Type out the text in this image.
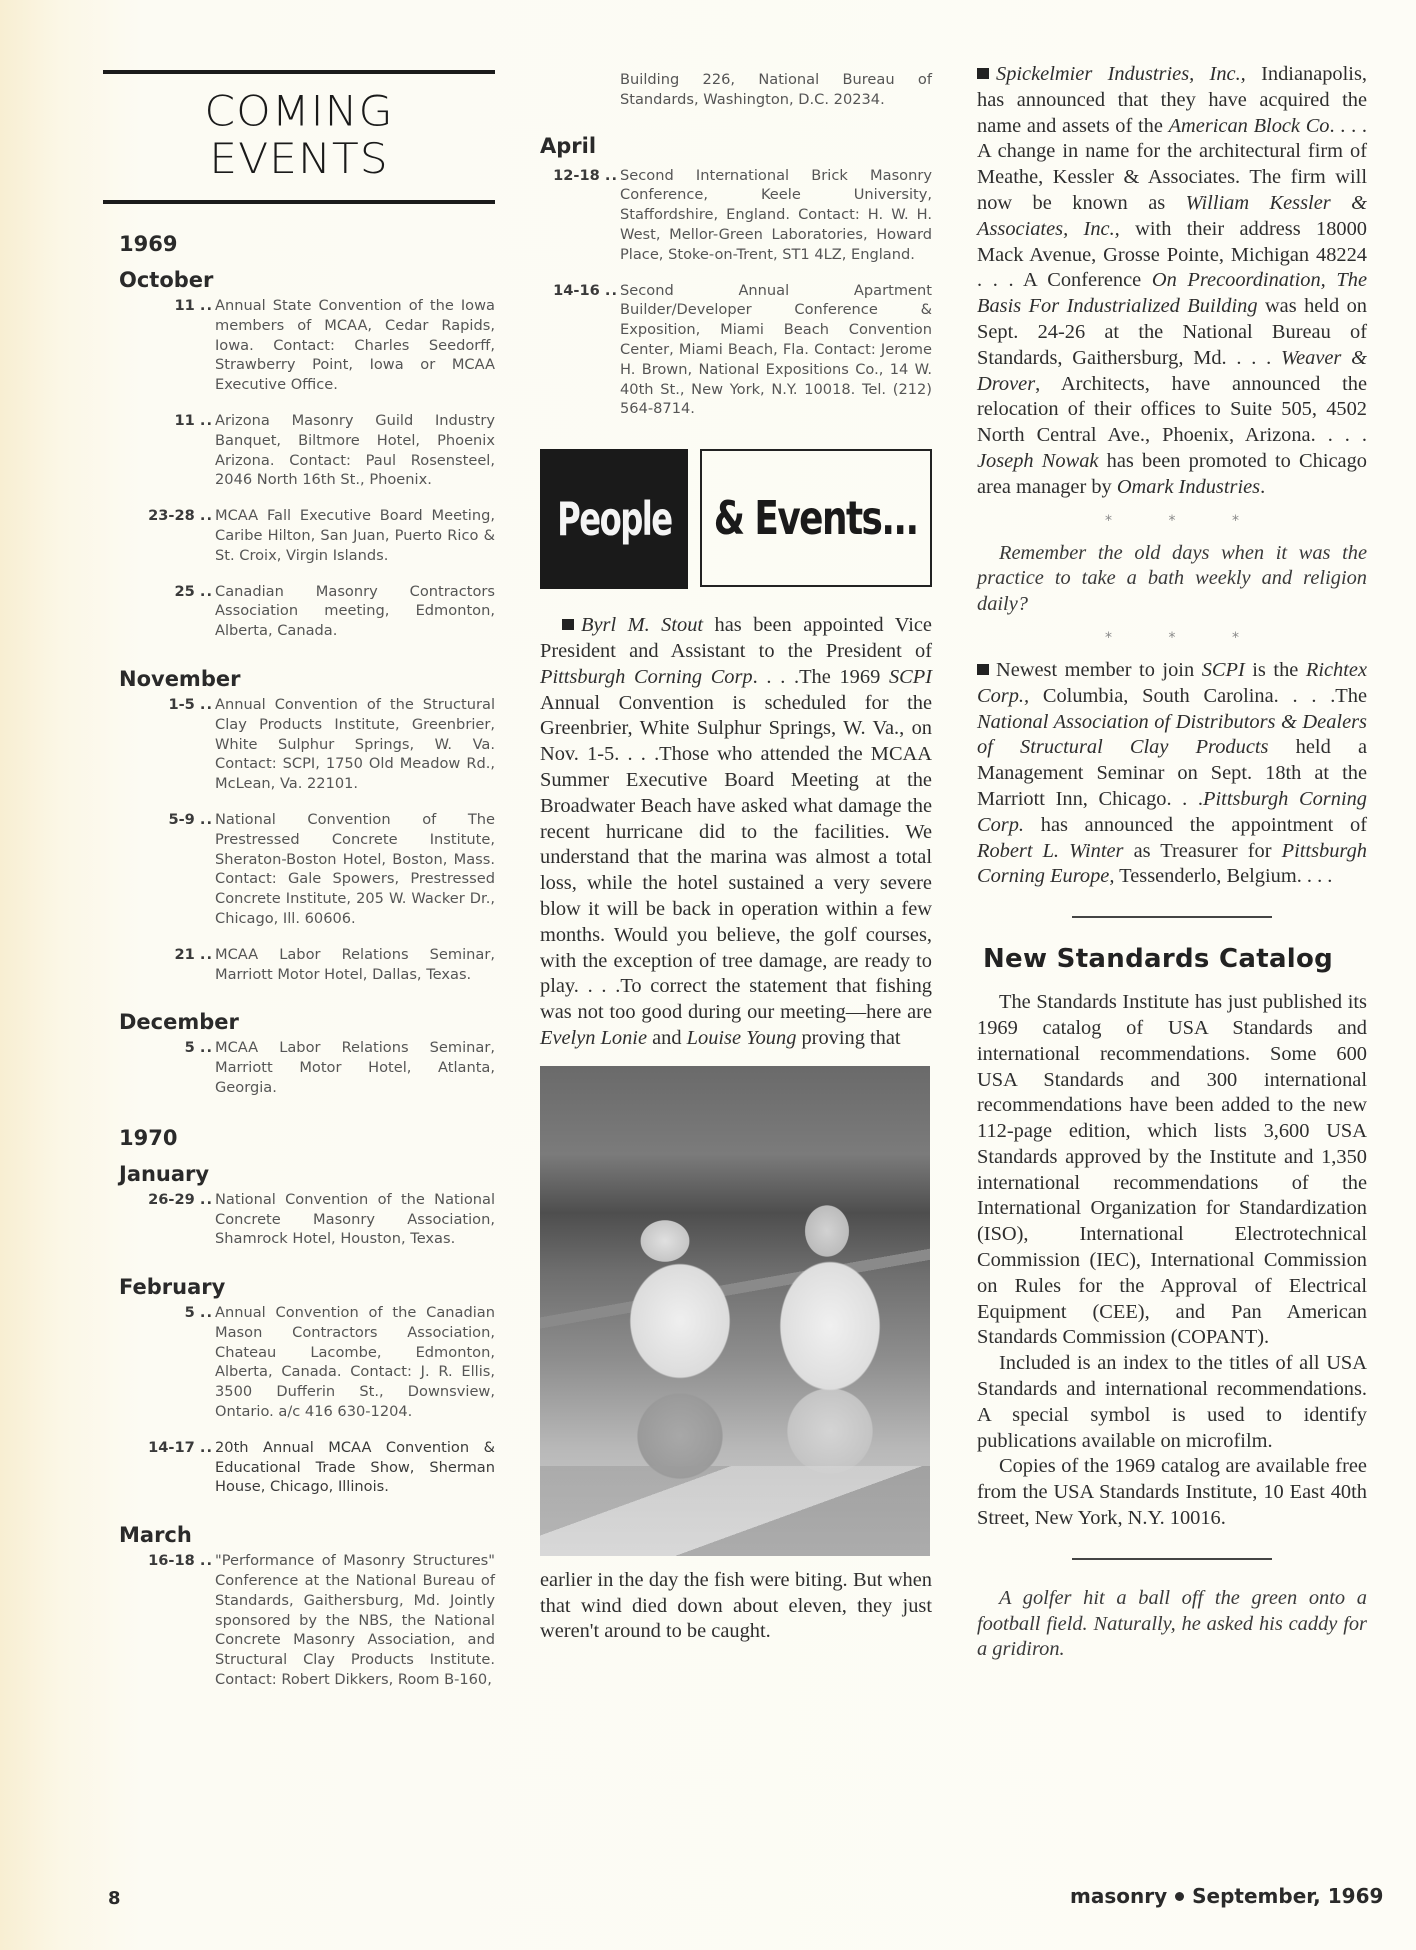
COMING
EVENTS
1969
October
11 .. Annual State Convention of the Iowa members of MCAA, Cedar Rapids, Iowa. Contact: Charles Seedorff, Strawberry Point, Iowa or MCAA Executive Office.
11 .. Arizona Masonry Guild Industry Banquet, Biltmore Hotel, Phoenix Arizona. Contact: Paul Rosensteel, 2046 North 16th St., Phoenix.
23-28 .. MCAA Fall Executive Board Meeting, Caribe Hilton, San Juan, Puerto Rico & St. Croix, Virgin Islands.
25 .. Canadian Masonry Contractors Association meeting, Edmonton, Alberta, Canada.
November
1-5 .. Annual Convention of the Structural Clay Products Institute, Greenbrier, White Sulphur Springs, W. Va. Contact: SCPI, 1750 Old Meadow Rd., McLean, Va. 22101.
5-9 .. National Convention of The Prestressed Concrete Institute, Sheraton-Boston Hotel, Boston, Mass. Contact: Gale Spowers, Prestressed Concrete Institute, 205 W. Wacker Dr., Chicago, Ill. 60606.
21 .. MCAA Labor Relations Seminar, Marriott Motor Hotel, Dallas, Texas.
December
5 .. MCAA Labor Relations Seminar, Marriott Motor Hotel, Atlanta, Georgia.
1970
January
26-29 .. National Convention of the National Concrete Masonry Association, Shamrock Hotel, Houston, Texas.
February
5 .. Annual Convention of the Canadian Mason Contractors Association, Chateau Lacombe, Edmonton, Alberta, Canada. Contact: J. R. Ellis, 3500 Dufferin St., Downsview, Ontario. a/c 416 630-1204.
14-17 .. 20th Annual MCAA Convention & Educational Trade Show, Sherman House, Chicago, Illinois.
March
16-18 .. "Performance of Masonry Structures" Conference at the National Bureau of Standards, Gaithersburg, Md. Jointly sponsored by the NBS, the National Concrete Masonry Association, and Structural Clay Products Institute. Contact: Robert Dikkers, Room B-160,
Building 226, National Bureau of Standards, Washington, D.C. 20234.
April
12-18 .. Second International Brick Masonry Conference, Keele University, Staffordshire, England. Contact: H. W. H. West, Mellor-Green Laboratories, Howard Place, Stoke-on-Trent, ST1 4LZ, England.
14-16 .. Second Annual Apartment Builder/Developer Conference & Exposition, Miami Beach Convention Center, Miami Beach, Fla. Contact: Jerome H. Brown, National Expositions Co., 14 W. 40th St., New York, N.Y. 10018. Tel. (212) 564-8714.
People & Events...
Byrl M. Stout has been appointed Vice President and Assistant to the President of Pittsburgh Corning Corp. . . .The 1969 SCPI Annual Convention is scheduled for the Greenbrier, White Sulphur Springs, W. Va., on Nov. 1-5. . . .Those who attended the MCAA Summer Executive Board Meeting at the Broadwater Beach have asked what damage the recent hurricane did to the facilities. We understand that the marina was almost a total loss, while the hotel sustained a very severe blow it will be back in operation within a few months. Would you believe, the golf courses, with the exception of tree damage, are ready to play. . . .To correct the statement that fishing was not too good during our meeting—here are Evelyn Lonie and Louise Young proving that
earlier in the day the fish were biting. But when that wind died down about eleven, they just weren't around to be caught.
Spickelmier Industries, Inc., Indianapolis, has announced that they have acquired the name and assets of the American Block Co. . . . A change in name for the architectural firm of Meathe, Kessler & Associates. The firm will now be known as William Kessler & Associates, Inc., with their address 18000 Mack Avenue, Grosse Pointe, Michigan 48224 . . . A Conference On Precoordination, The Basis For Industrialized Building was held on Sept. 24-26 at the National Bureau of Standards, Gaithersburg, Md. . . . Weaver & Drover, Architects, have announced the relocation of their offices to Suite 505, 4502 North Central Ave., Phoenix, Arizona. . . . Joseph Nowak has been promoted to Chicago area manager by Omark Industries.
* * *
Remember the old days when it was the practice to take a bath weekly and religion daily?
* * *
Newest member to join SCPI is the Richtex Corp., Columbia, South Carolina. . . .The National Association of Distributors & Dealers of Structural Clay Products held a Management Seminar on Sept. 18th at the Marriott Inn, Chicago. . .Pittsburgh Corning Corp. has announced the appointment of Robert L. Winter as Treasurer for Pittsburgh Corning Europe, Tessenderlo, Belgium. . . .
New Standards Catalog
The Standards Institute has just published its 1969 catalog of USA Standards and international recommendations. Some 600 USA Standards and 300 international recommendations have been added to the new 112-page edition, which lists 3,600 USA Standards approved by the Institute and 1,350 international recommendations of the International Organization for Standardization (ISO), International Electrotechnical Commission (IEC), International Commission on Rules for the Approval of Electrical Equipment (CEE), and Pan American Standards Commission (COPANT).
Included is an index to the titles of all USA Standards and international recommendations. A special symbol is used to identify publications available on microfilm.
Copies of the 1969 catalog are available free from the USA Standards Institute, 10 East 40th Street, New York, N.Y. 10016.
A golfer hit a ball off the green onto a football field. Naturally, he asked his caddy for a gridiron.
8	masonry September, 1969
